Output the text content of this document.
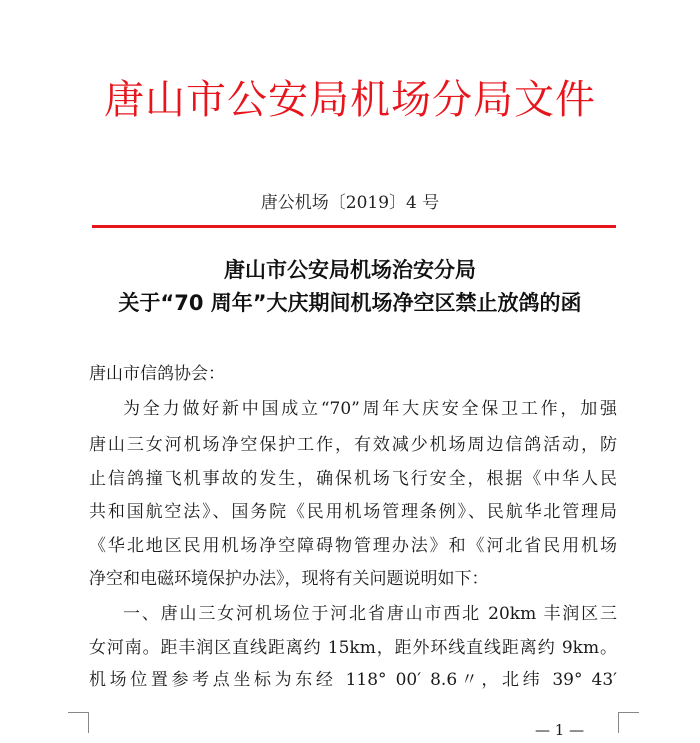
唐山市公安局机场分局文件
唐公机场〔2019〕4 号
唐山市公安局机场治安分局
关于“70 周年”大庆期间机场净空区禁止放鸽的函
唐山市信鸽协会：
为全力做好新中国成立“70”周年大庆安全保卫工作，加强
唐山三女河机场净空保护工作，有效减少机场周边信鸽活动，防
止信鸽撞飞机事故的发生，确保机场飞行安全，根据《中华人民
共和国航空法》、国务院《民用机场管理条例》、民航华北管理局
《华北地区民用机场净空障碍物管理办法》和《河北省民用机场
净空和电磁环境保护办法》，现将有关问题说明如下：
一、唐山三女河机场位于河北省唐山市西北 20km 丰润区三
女河南。距丰润区直线距离约 15km，距外环线直线距离约 9km。
机场位置参考点坐标为东经 118° 00′ 8.6〃，北纬 39° 43′
— 1 —
